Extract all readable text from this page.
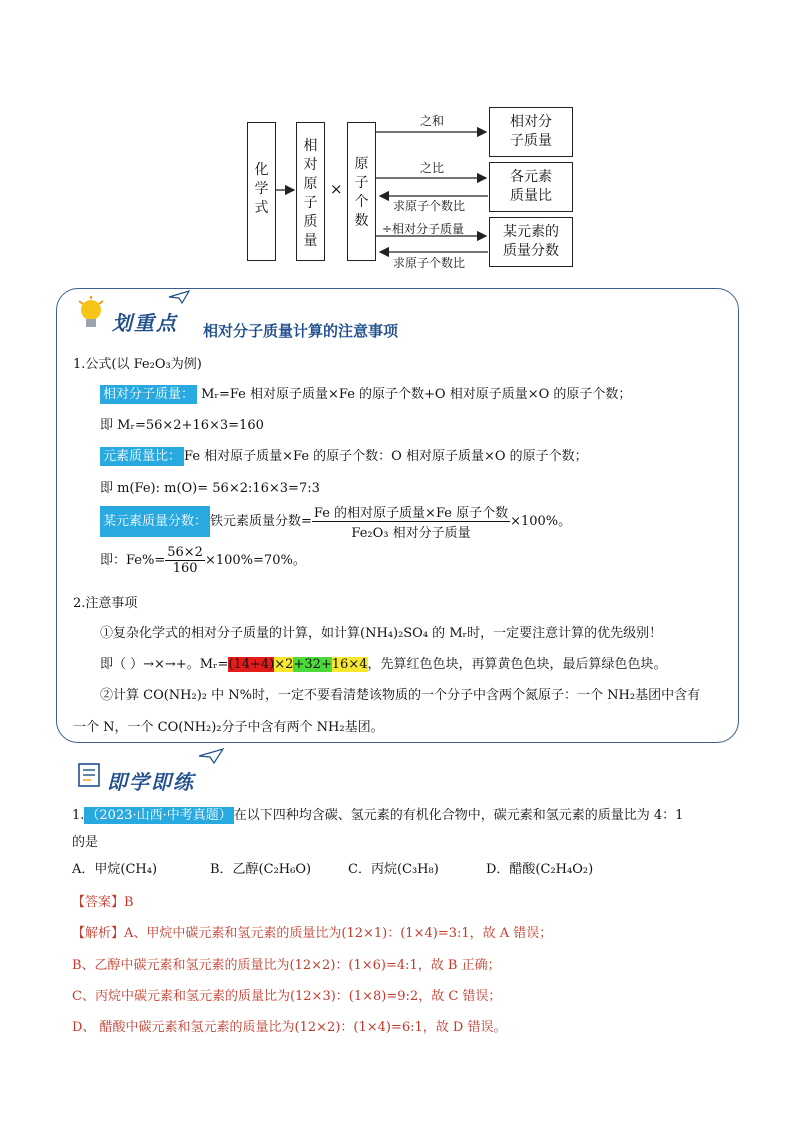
化学式
相对原子质量
×
原子个数
之和
之比
求原子个数比
÷相对分子质量
求原子个数比
相对分
子质量
各元素
质量比
某元素的
质量分数
划重点 相对分子质量计算的注意事项
1.公式(以 Fe₂O₃为例)
相对分子质量： Mᵣ=Fe 相对原子质量×Fe 的原子个数+O 相对原子质量×O 的原子个数；
即 Mᵣ=56×2+16×3=160
元素质量比： Fe 相对原子质量×Fe 的原子个数：O 相对原子质量×O 的原子个数；
即 m(Fe): m(O)= 56×2:16×3=7:3
某元素质量分数： 铁元素质量分数= $\frac{\text{Fe 的相对原子质量×Fe 原子个数}}{\text{Fe₂O₃ 相对分子质量}} \times 100\%$。
即：$Fe\%= \frac{56\times 2}{160} \times 100\%=70\%$。
2.注意事项
①复杂化学式的相对分子质量的计算，如计算(NH₄)₂SO₄ 的 Mᵣ时，一定要注意计算的优先级别！
即（ ）→×→+。Mᵣ=(14+4)×2+32+16×4，先算红色色块，再算黄色色块，最后算绿色色块。
②计算 CO(NH₂)₂ 中 N%时，一定不要看清楚该物质的一个分子中含两个氮原子：一个 NH₂基团中含有
一个 N，一个 CO(NH₂)₂分子中含有两个 NH₂基团。
即学即练
1. （2023·山西·中考真题） 在以下四种均含碳、氢元素的有机化合物中，碳元素和氢元素的质量比为 4：1
的是
A．甲烷(CH₄)	B．乙醇(C₂H₆O)	C．丙烷(C₃H₈)	D．醋酸(C₂H₄O₂)
【答案】B
【解析】A、甲烷中碳元素和氢元素的质量比为(12×1)：(1×4)=3:1，故 A 错误；
B、乙醇中碳元素和氢元素的质量比为(12×2)：(1×6)=4:1，故 B 正确；
C、丙烷中碳元素和氢元素的质量比为(12×3)：(1×8)=9:2，故 C 错误；
D、 醋酸中碳元素和氢元素的质量比为(12×2)：(1×4)=6:1，故 D 错误。
